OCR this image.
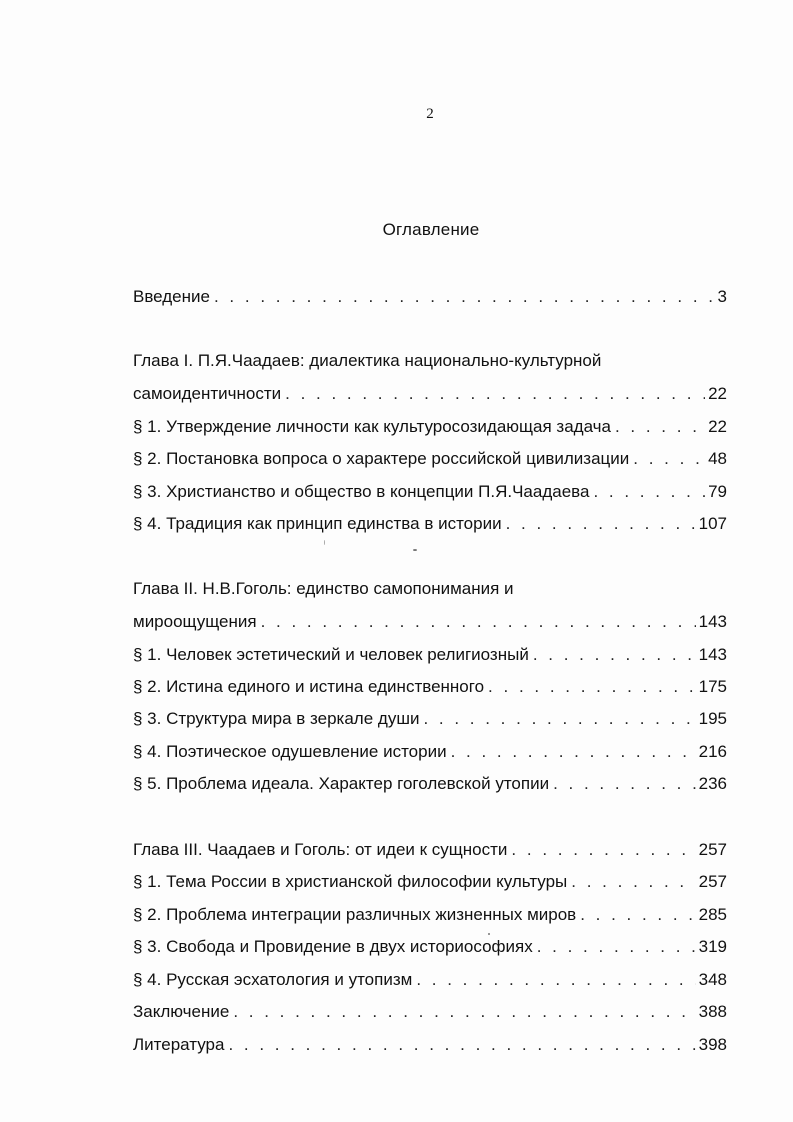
2
Оглавление
Введение . . .	3
Глава I. П.Я.Чаадаев: диалектика национально-культурной
самоидентичности . . .	22
§ 1. Утверждение личности как культуросозидающая задача . . .	22
§ 2. Постановка вопроса о характере российской цивилизации . . .	48
§ 3. Христианство и общество в концепции П.Я.Чаадаева . . .	79
§ 4. Традиция как принцип единства в истории . . .	107
Глава II. Н.В.Гоголь: единство самопонимания и
мироощущения . . .	143
§ 1. Человек эстетический и человек религиозный . . .	143
§ 2. Истина единого и истина единственного . . .	175
§ 3. Структура мира в зеркале души . . .	195
§ 4. Поэтическое одушевление истории . . .	216
§ 5. Проблема идеала. Характер гоголевской утопии . . .	236
Глава III. Чаадаев и Гоголь: от идеи к сущности . . .	257
§ 1. Тема России в христианской философии культуры . . .	257
§ 2. Проблема интеграции различных жизненных миров . . .	285
§ 3. Свобода и Провидение в двух историософиях . . .	319
§ 4. Русская эсхатология и утопизм . . .	348
Заключение . . .	388
Литература . . .	398
